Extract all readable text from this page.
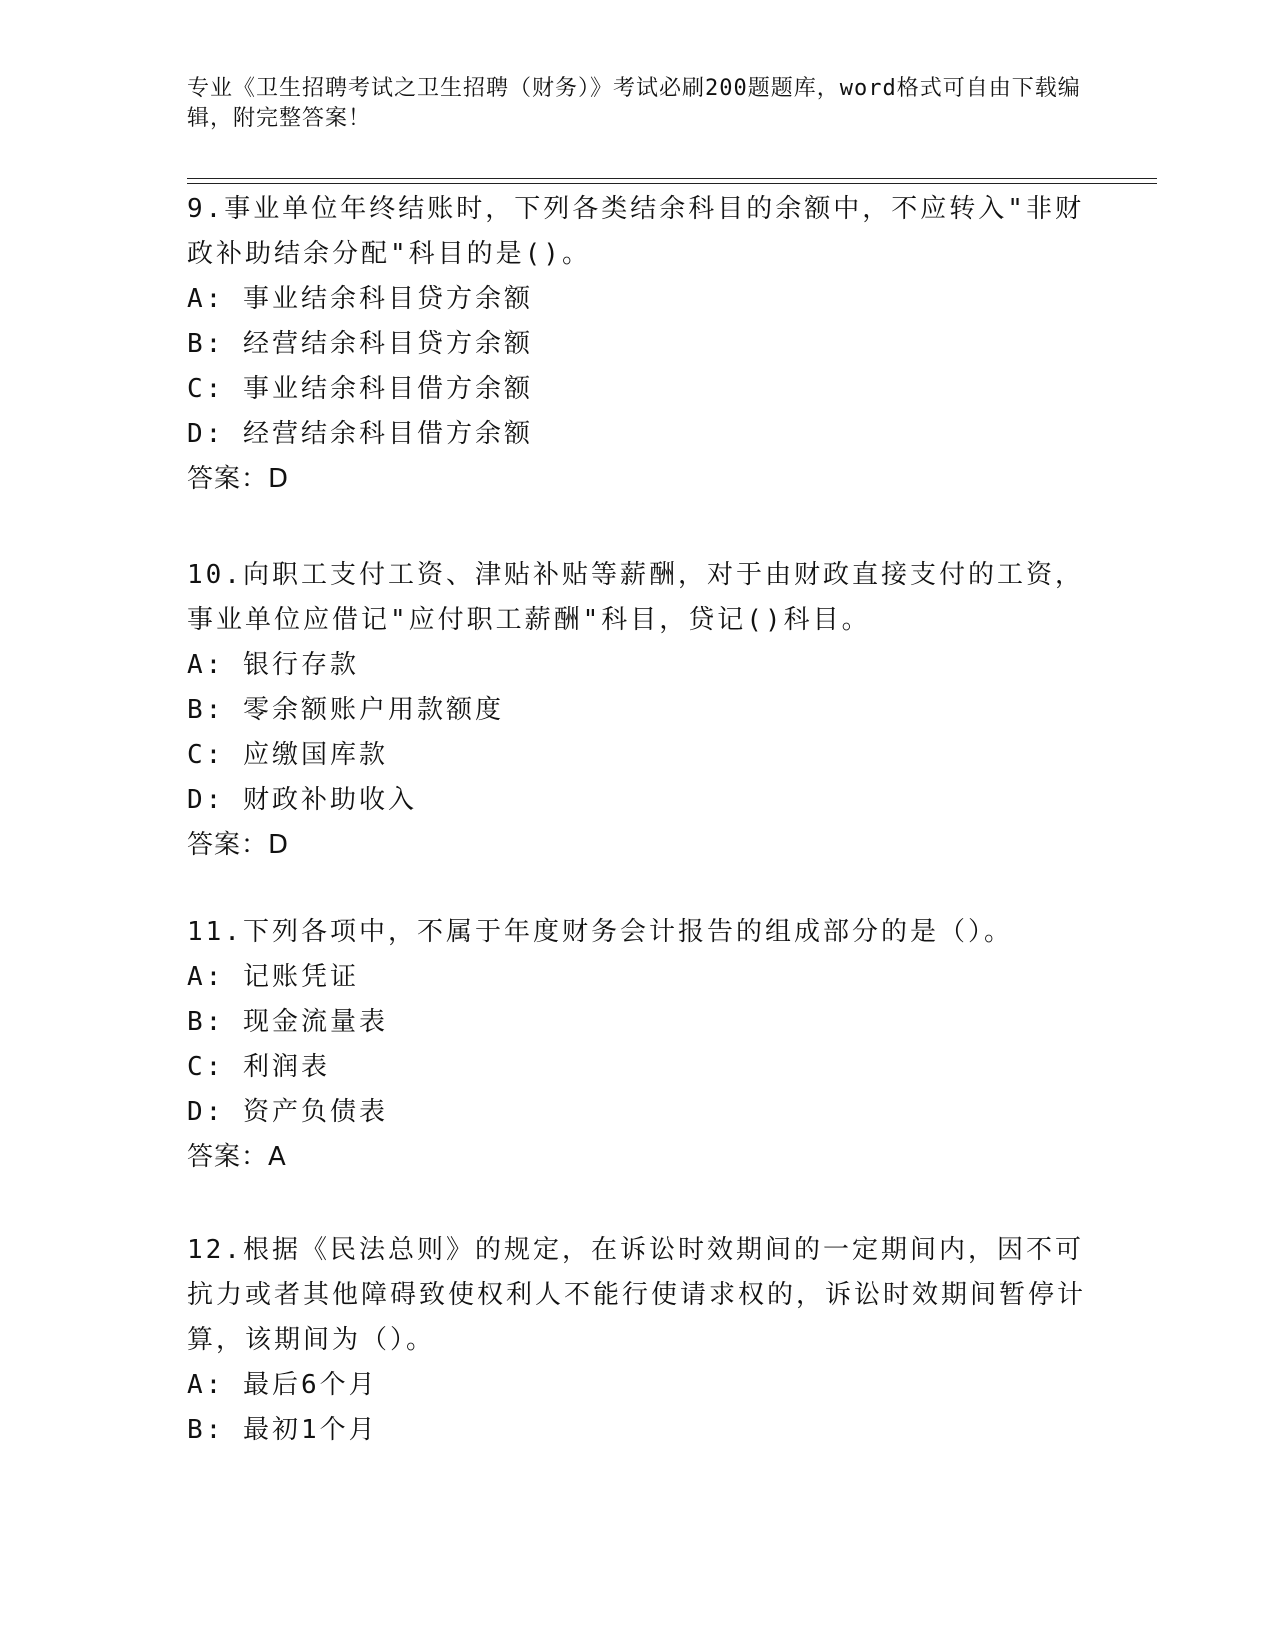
专业《卫生招聘考试之卫生招聘（财务）》考试必刷200题题库，word格式可自由下载编辑，附完整答案！

9.事业单位年终结账时，下列各类结余科目的余额中，不应转入"非财政补助结余分配"科目的是()。

A: 事业结余科目贷方余额

B: 经营结余科目贷方余额

C: 事业结余科目借方余额

D: 经营结余科目借方余额

答案：D

10.向职工支付工资、津贴补贴等薪酬，对于由财政直接支付的工资，事业单位应借记"应付职工薪酬"科目，贷记()科目。

A: 银行存款

B: 零余额账户用款额度

C: 应缴国库款

D: 财政补助收入

答案：D

11.下列各项中，不属于年度财务会计报告的组成部分的是（）。

A: 记账凭证

B: 现金流量表

C: 利润表

D: 资产负债表

答案：A

12.根据《民法总则》的规定，在诉讼时效期间的一定期间内，因不可抗力或者其他障碍致使权利人不能行使请求权的，诉讼时效期间暂停计算，该期间为（）。

A: 最后6个月

B: 最初1个月
